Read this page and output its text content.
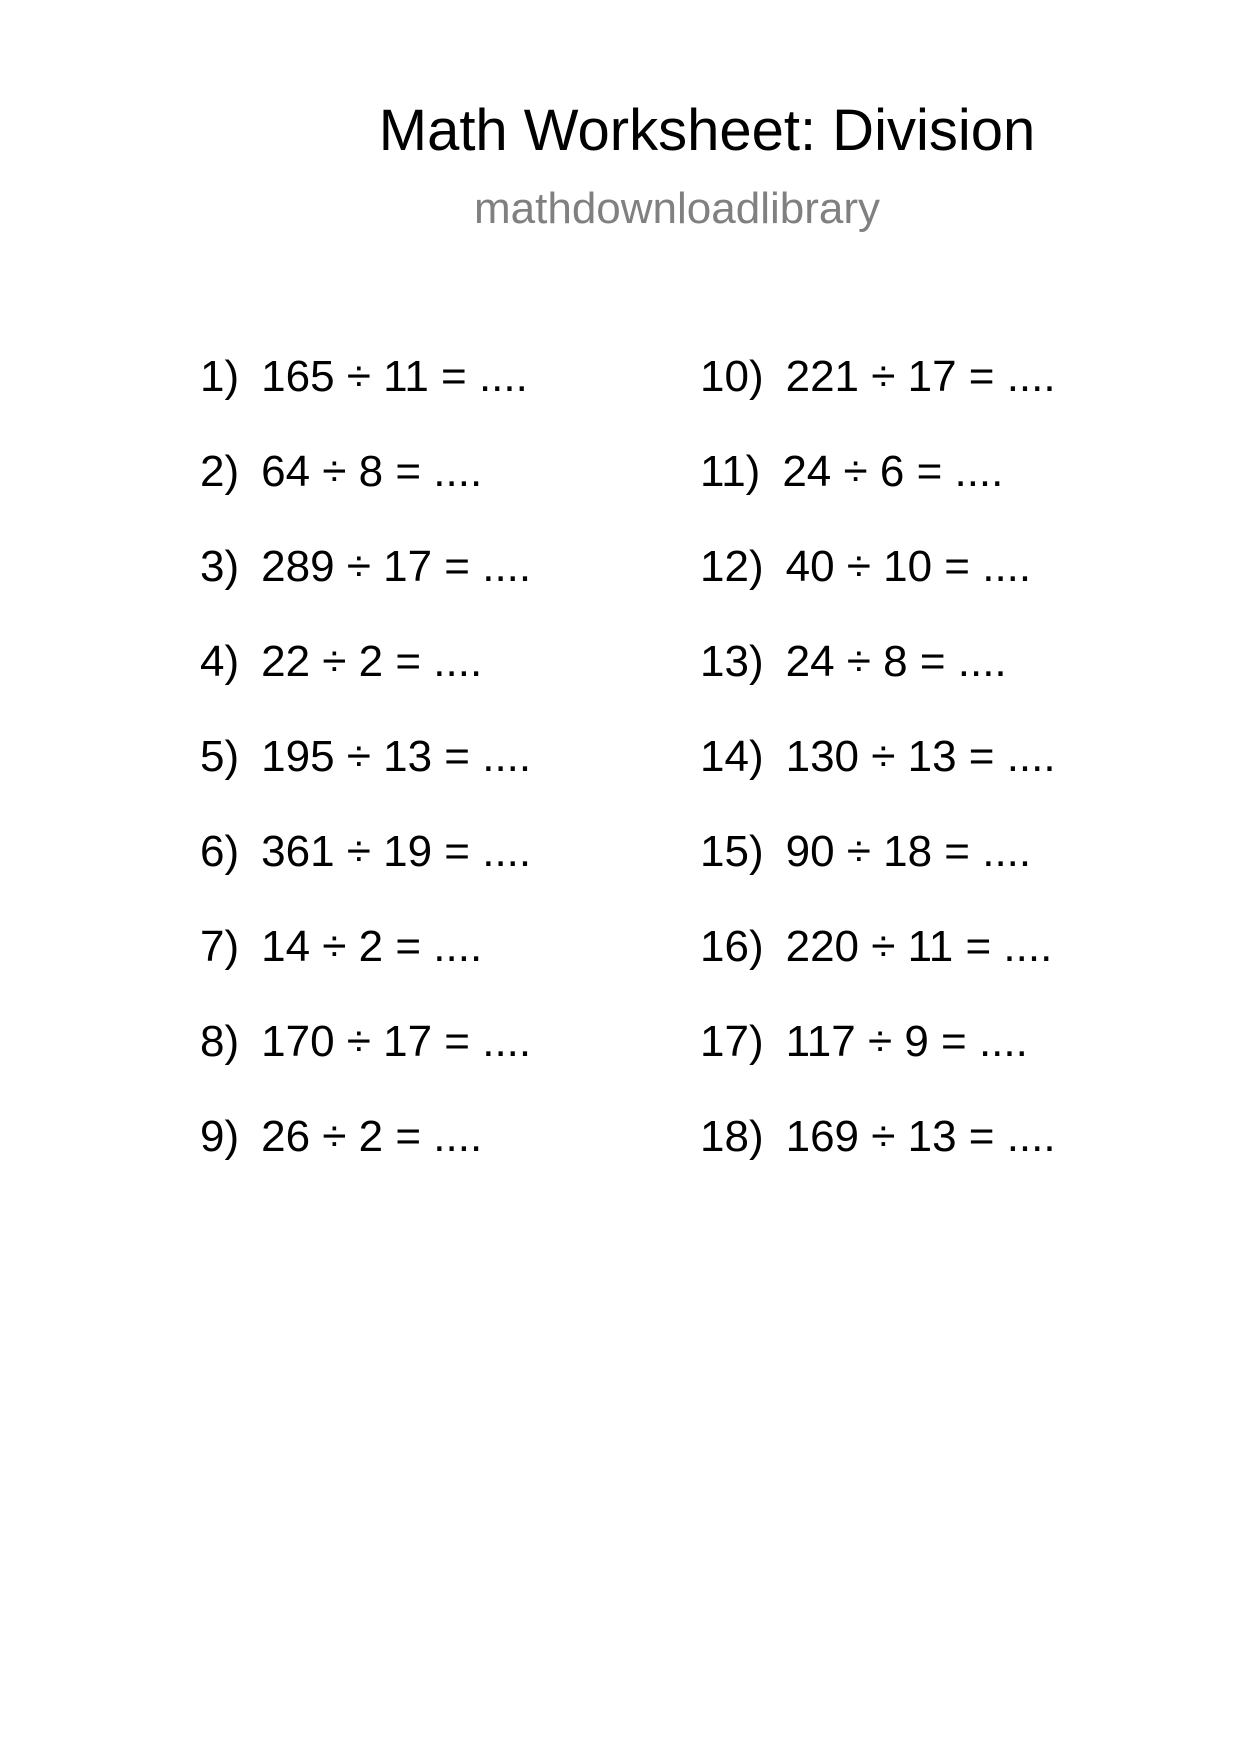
Math Worksheet: Division
mathdownloadlibrary
1) 165 ÷ 11 = ....
2) 64 ÷ 8 = ....
3) 289 ÷ 17 = ....
4) 22 ÷ 2 = ....
5) 195 ÷ 13 = ....
6) 361 ÷ 19 = ....
7) 14 ÷ 2 = ....
8) 170 ÷ 17 = ....
9) 26 ÷ 2 = ....
10) 221 ÷ 17 = ....
11) 24 ÷ 6 = ....
12) 40 ÷ 10 = ....
13) 24 ÷ 8 = ....
14) 130 ÷ 13 = ....
15) 90 ÷ 18 = ....
16) 220 ÷ 11 = ....
17) 117 ÷ 9 = ....
18) 169 ÷ 13 = ....
